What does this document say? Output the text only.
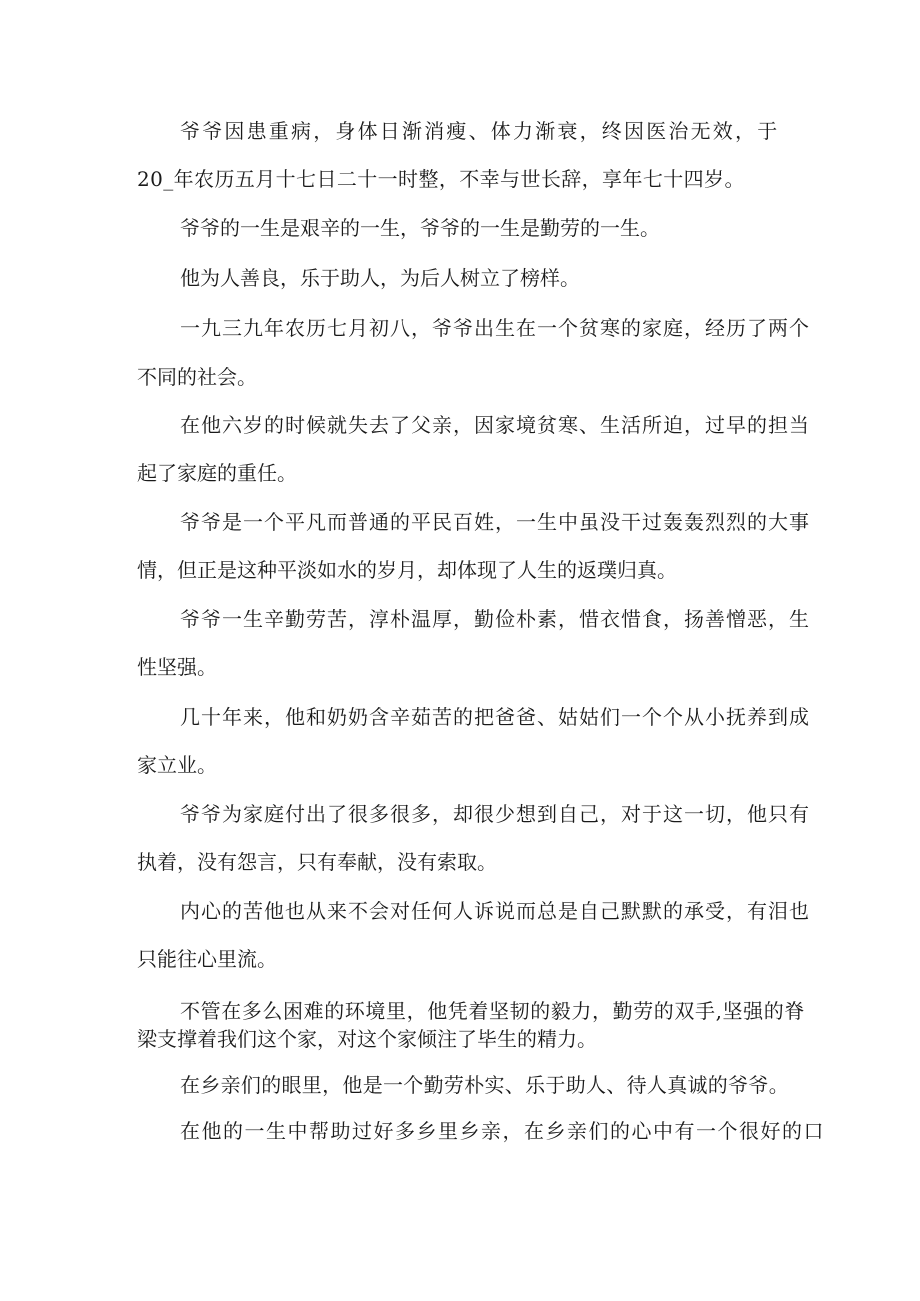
爷爷因患重病，身体日渐消瘦、体力渐衰，终因医治无效，于

20_年农历五月十七日二十一时整，不幸与世长辞，享年七十四岁。

爷爷的一生是艰辛的一生，爷爷的一生是勤劳的一生。

他为人善良，乐于助人，为后人树立了榜样。

一九三九年农历七月初八，爷爷出生在一个贫寒的家庭，经历了两个

不同的社会。

在他六岁的时候就失去了父亲，因家境贫寒、生活所迫，过早的担当

起了家庭的重任。

爷爷是一个平凡而普通的平民百姓，一生中虽没干过轰轰烈烈的大事

情，但正是这种平淡如水的岁月，却体现了人生的返璞归真。

爷爷一生辛勤劳苦，淳朴温厚，勤俭朴素，惜衣惜食，扬善憎恶，生

性坚强。

几十年来，他和奶奶含辛茹苦的把爸爸、姑姑们一个个从小抚养到成

家立业。

爷爷为家庭付出了很多很多，却很少想到自己，对于这一切，他只有

执着，没有怨言，只有奉献，没有索取。

内心的苦他也从来不会对任何人诉说而总是自己默默的承受，有泪也

只能往心里流。

不管在多么困难的环境里，他凭着坚韧的毅力，勤劳的双手,坚强的脊

梁支撑着我们这个家，对这个家倾注了毕生的精力。

在乡亲们的眼里，他是一个勤劳朴实、乐于助人、待人真诚的爷爷。

在他的一生中帮助过好多乡里乡亲，在乡亲们的心中有一个很好的口
